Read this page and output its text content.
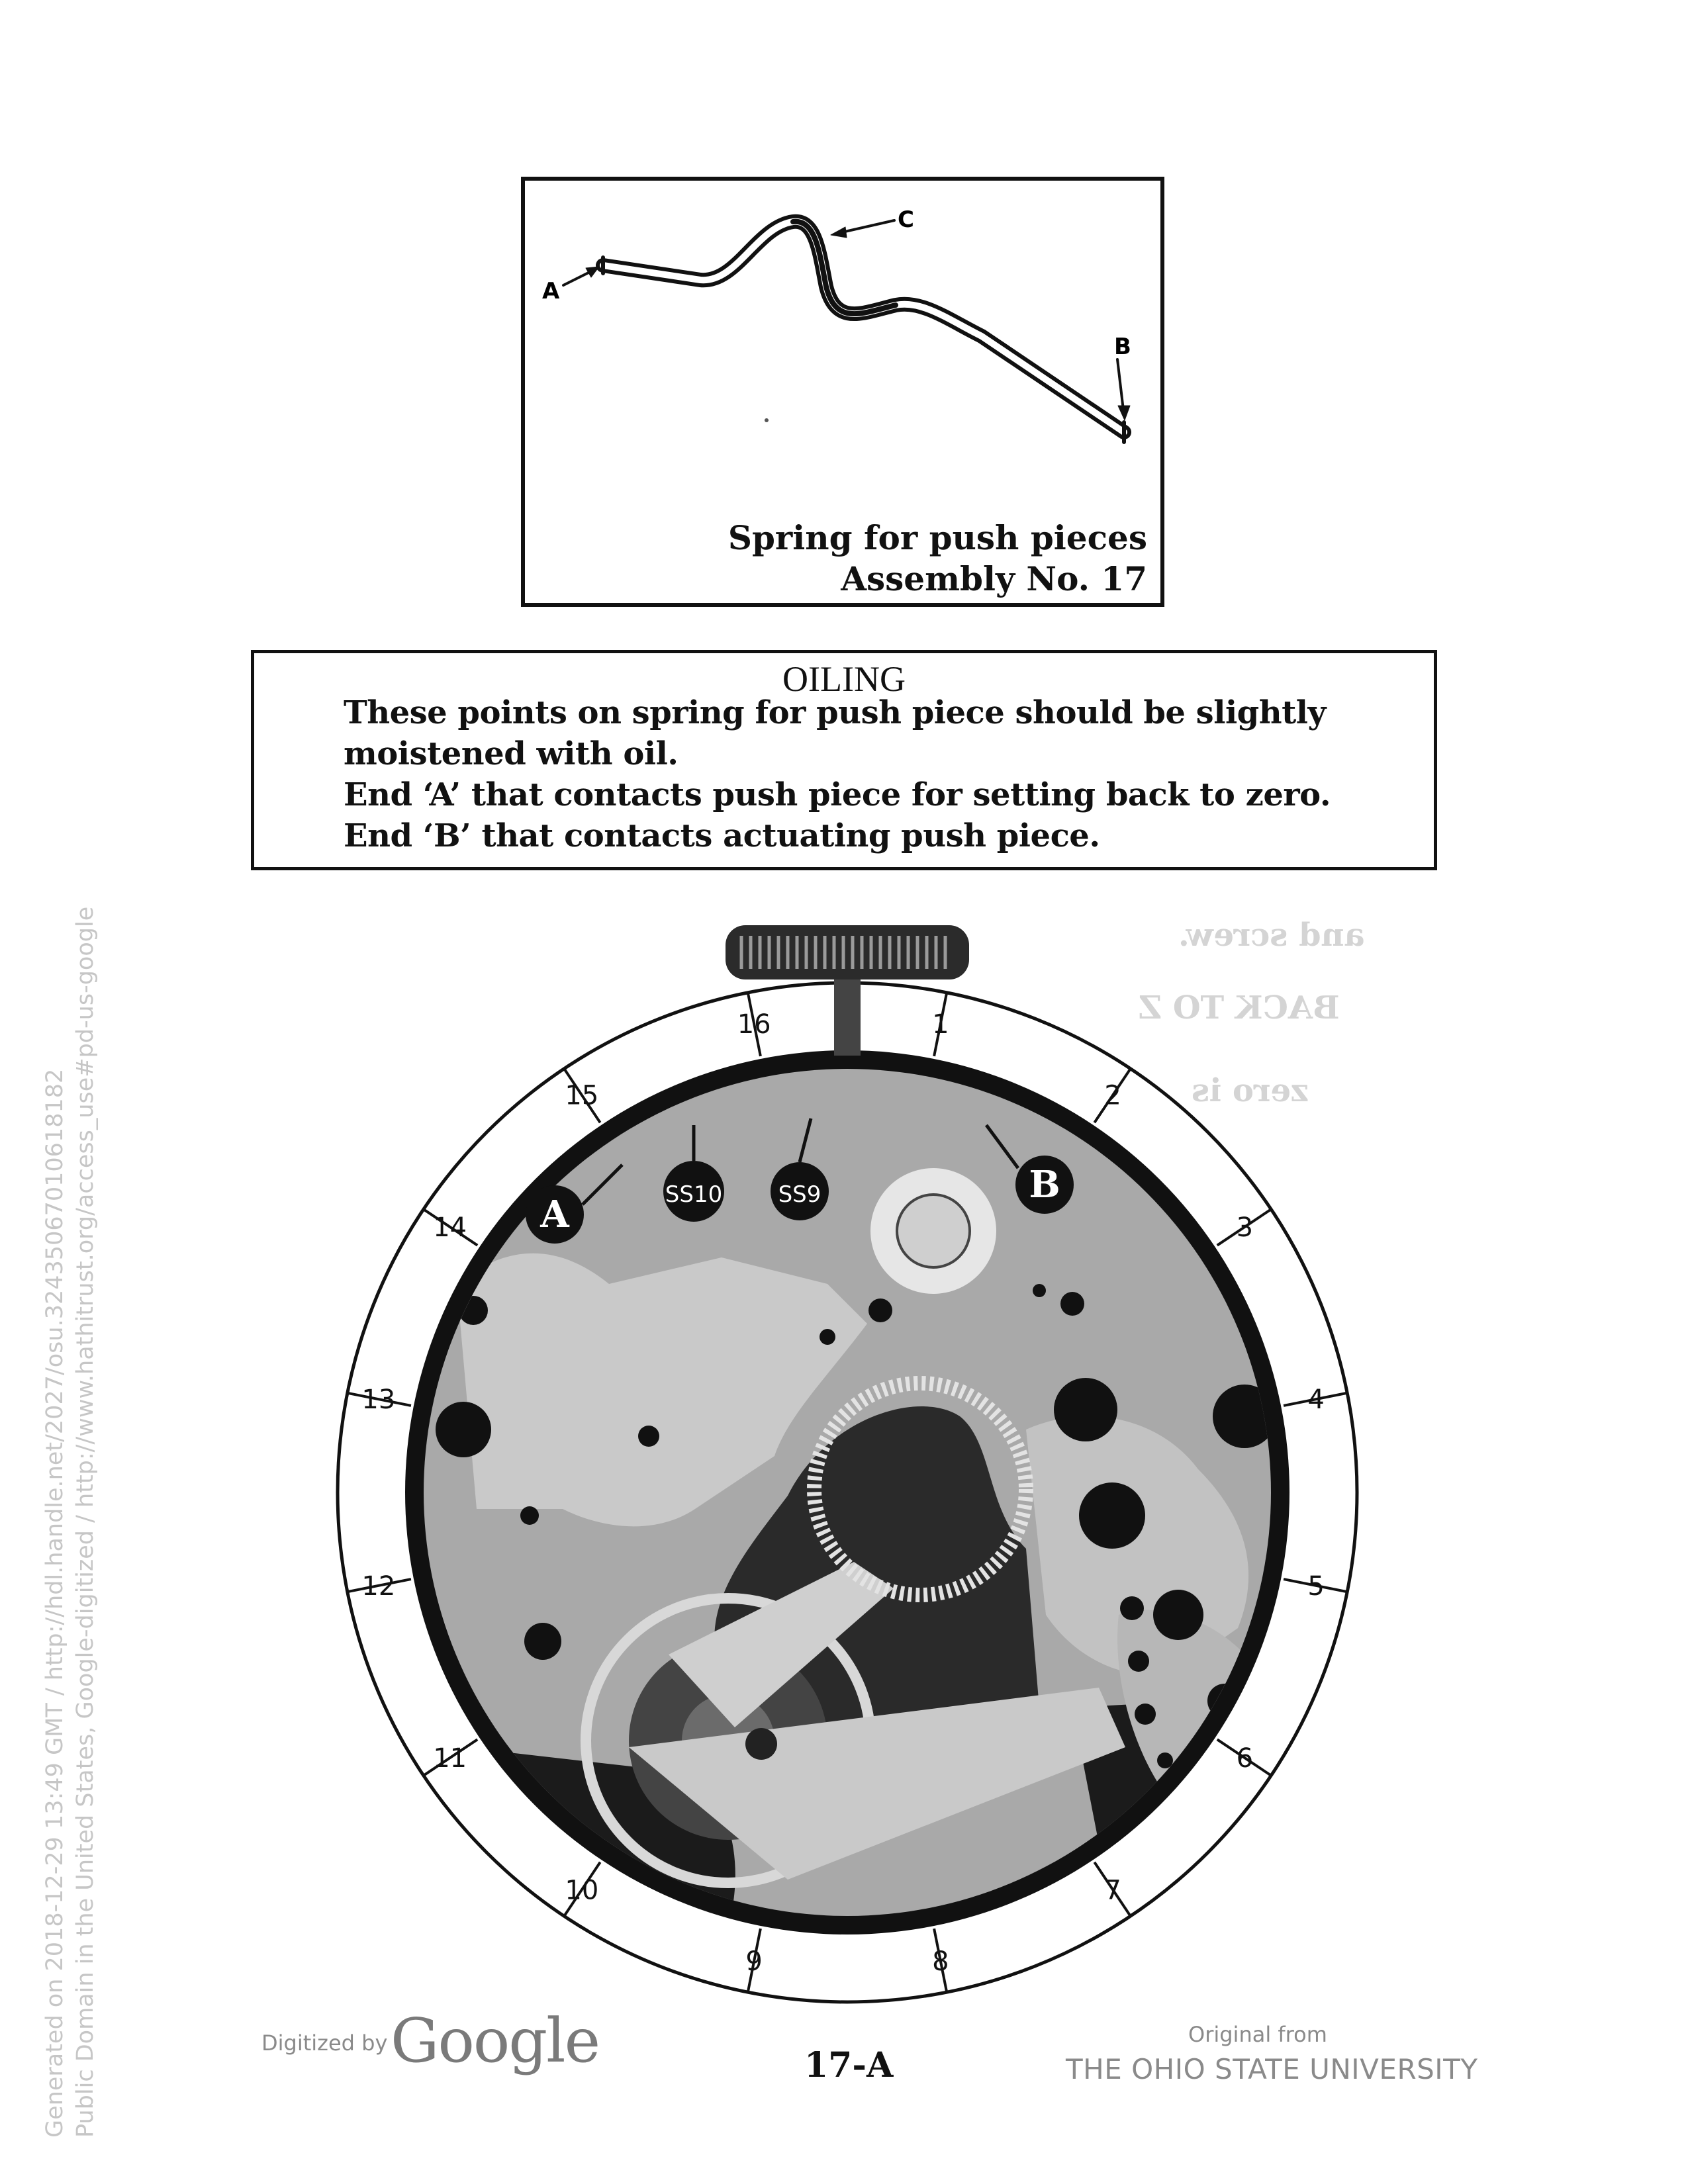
A
C
B
Spring for push pieces
Assembly No. 17
OILING
These points on spring for push piece should be slightly
moistened with oil.
End ‘A’ that contacts push piece for setting back to zero.
End ‘B’ that contacts actuating push piece.
and screw.
BACK TO Z
zero is
16	1
2
3
4
5
6
7
8
9
10
11
12
13
14
15
A
B
SS10 SS9
Generated on 2018-12-29 13:49 GMT / http://hdl.handle.net/2027/osu.32435067010618182 Public Domain in the United States, Google-digitized / http://www.hathitrust.org/access_use#pd-us-google	Digitized by Google	17-A
Original from
THE OHIO STATE UNIVERSITY
